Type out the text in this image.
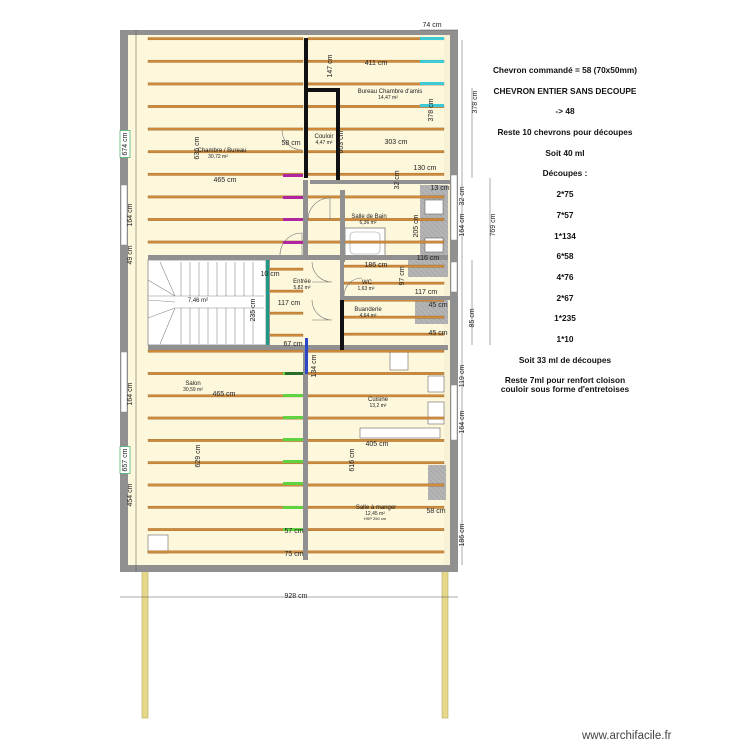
Chambre / Bureau
30,72 m²
Bureau Chambre d'amis
14,47 m²
Couloir
4,47 m²
Salle de Bain
6,36 m²
Entrée
5,82 m²
WC
1,63 m²
7,46 m²
Buanderie
4,64 m²
Salon
30,59 m²
Cuisine
13,2 m²
Salle à manger
12,45 m²
HSP 250 cm
74 cm
411 cm
147 cm
378 cm	378 cm
303 cm
58 cm
636 cm	603 cm
465 cm
130 cm
32 cm	13 cm 32 cm
164 cm
205 cm	769 cm
186 cm
116 cm
10 cm	97 cm
117 cm
117 cm
235 cm	45 cm
45 cm
85 cm
67 cm
134 cm	119 cm
465 cm
164 cm
405 cm
629 cm	616 cm
58 cm
57 cm
75 cm
186 cm
928 cm
674 cm
164 cm
49 cm
164 cm
657 cm
454 cm
Chevron commandé = 58 (70x50mm)
CHEVRON ENTIER SANS DECOUPE
-> 48
Reste 10 chevrons pour découpes
Soit 40 ml
Découpes :
2*75
7*57
1*134
6*58
4*76
2*67
1*235
1*10
Soit 33 ml de découpes
Reste 7ml pour renfort cloison couloir sous forme d'entretoises
www.archifacile.fr
